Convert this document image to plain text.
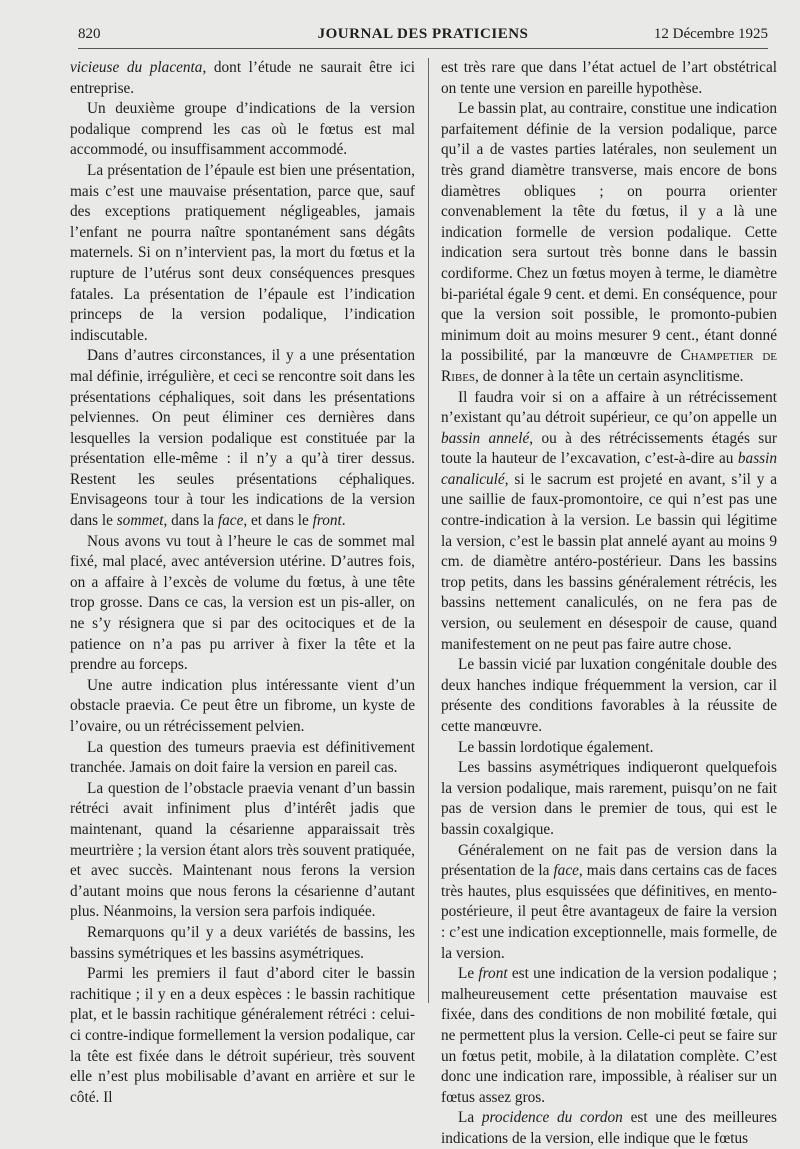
820	JOURNAL DES PRATICIENS	12 Décembre 1925

vicieuse du placenta, dont l’étude ne saurait être ici entreprise.

Un deuxième groupe d’indications de la version podalique comprend les cas où le fœtus est mal accommodé, ou insuffisamment accommodé.

La présentation de l’épaule est bien une présentation, mais c’est une mauvaise présentation, parce que, sauf des exceptions pratiquement négligeables, jamais l’enfant ne pourra naître spontanément sans dégâts maternels. Si on n’intervient pas, la mort du fœtus et la rupture de l’utérus sont deux conséquences presques fatales. La présentation de l’épaule est l’indication princeps de la version podalique, l’indication indiscutable.

Dans d’autres circonstances, il y a une présentation mal définie, irrégulière, et ceci se rencontre soit dans les présentations céphaliques, soit dans les présentations pelviennes. On peut éliminer ces dernières dans lesquelles la version podalique est constituée par la présentation elle-même : il n’y a qu’à tirer dessus. Restent les seules présentations céphaliques. Envisageons tour à tour les indications de la version dans le sommet, dans la face, et dans le front.

Nous avons vu tout à l’heure le cas de sommet mal fixé, mal placé, avec antéversion utérine. D’autres fois, on a affaire à l’excès de volume du fœtus, à une tête trop grosse. Dans ce cas, la version est un pis-aller, on ne s’y résignera que si par des ocitociques et de la patience on n’a pas pu arriver à fixer la tête et la prendre au forceps.

Une autre indication plus intéressante vient d’un obstacle praevia. Ce peut être un fibrome, un kyste de l’ovaire, ou un rétrécissement pelvien.

La question des tumeurs praevia est définitivement tranchée. Jamais on doit faire la version en pareil cas.

La question de l’obstacle praevia venant d’un bassin rétréci avait infiniment plus d’intérêt jadis que maintenant, quand la césarienne apparaissait très meurtrière ; la version étant alors très souvent pratiquée, et avec succès. Maintenant nous ferons la version d’autant moins que nous ferons la césarienne d’autant plus. Néanmoins, la version sera parfois indiquée.

Remarquons qu’il y a deux variétés de bassins, les bassins symétriques et les bassins asymétriques.

Parmi les premiers il faut d’abord citer le bassin rachitique ; il y en a deux espèces : le bassin rachitique plat, et le bassin rachitique généralement rétréci : celui-ci contre-indique formellement la version podalique, car la tête est fixée dans le détroit supérieur, très souvent elle n’est plus mobilisable d’avant en arrière et sur le côté. Il

est très rare que dans l’état actuel de l’art obstétrical on tente une version en pareille hypothèse.

Le bassin plat, au contraire, constitue une indication parfaitement définie de la version podalique, parce qu’il a de vastes parties latérales, non seulement un très grand diamètre transverse, mais encore de bons diamètres obliques ; on pourra orienter convenablement la tête du fœtus, il y a là une indication formelle de version podalique. Cette indication sera surtout très bonne dans le bassin cordiforme. Chez un fœtus moyen à terme, le diamètre bi-pariétal égale 9 cent. et demi. En conséquence, pour que la version soit possible, le promonto-pubien minimum doit au moins mesurer 9 cent., étant donné la possibilité, par la manœuvre de Champetier de Ribes, de donner à la tête un certain asynclitisme.

Il faudra voir si on a affaire à un rétrécissement n’existant qu’au détroit supérieur, ce qu’on appelle un bassin annelé, ou à des rétrécissements étagés sur toute la hauteur de l’excavation, c’est-à-dire au bassin canaliculé, si le sacrum est projeté en avant, s’il y a une saillie de faux-promontoire, ce qui n’est pas une contre-indication à la version. Le bassin qui légitime la version, c’est le bassin plat annelé ayant au moins 9 cm. de diamètre antéro-postérieur. Dans les bassins trop petits, dans les bassins généralement rétrécis, les bassins nettement canaliculés, on ne fera pas de version, ou seulement en désespoir de cause, quand manifestement on ne peut pas faire autre chose.

Le bassin vicié par luxation congénitale double des deux hanches indique fréquemment la version, car il présente des conditions favorables à la réussite de cette manœuvre.

Le bassin lordotique également.

Les bassins asymétriques indiqueront quelquefois la version podalique, mais rarement, puisqu’on ne fait pas de version dans le premier de tous, qui est le bassin coxalgique.

Généralement on ne fait pas de version dans la présentation de la face, mais dans certains cas de faces très hautes, plus esquissées que définitives, en mento-postérieure, il peut être avantageux de faire la version : c’est une indication exceptionnelle, mais formelle, de la version.

Le front est une indication de la version podalique ; malheureusement cette présentation mauvaise est fixée, dans des conditions de non mobilité fœtale, qui ne permettent plus la version. Celle-ci peut se faire sur un fœtus petit, mobile, à la dilatation complète. C’est donc une indication rare, impossible, à réaliser sur un fœtus assez gros.

La procidence du cordon est une des meilleures indications de la version, elle indique que le fœtus
